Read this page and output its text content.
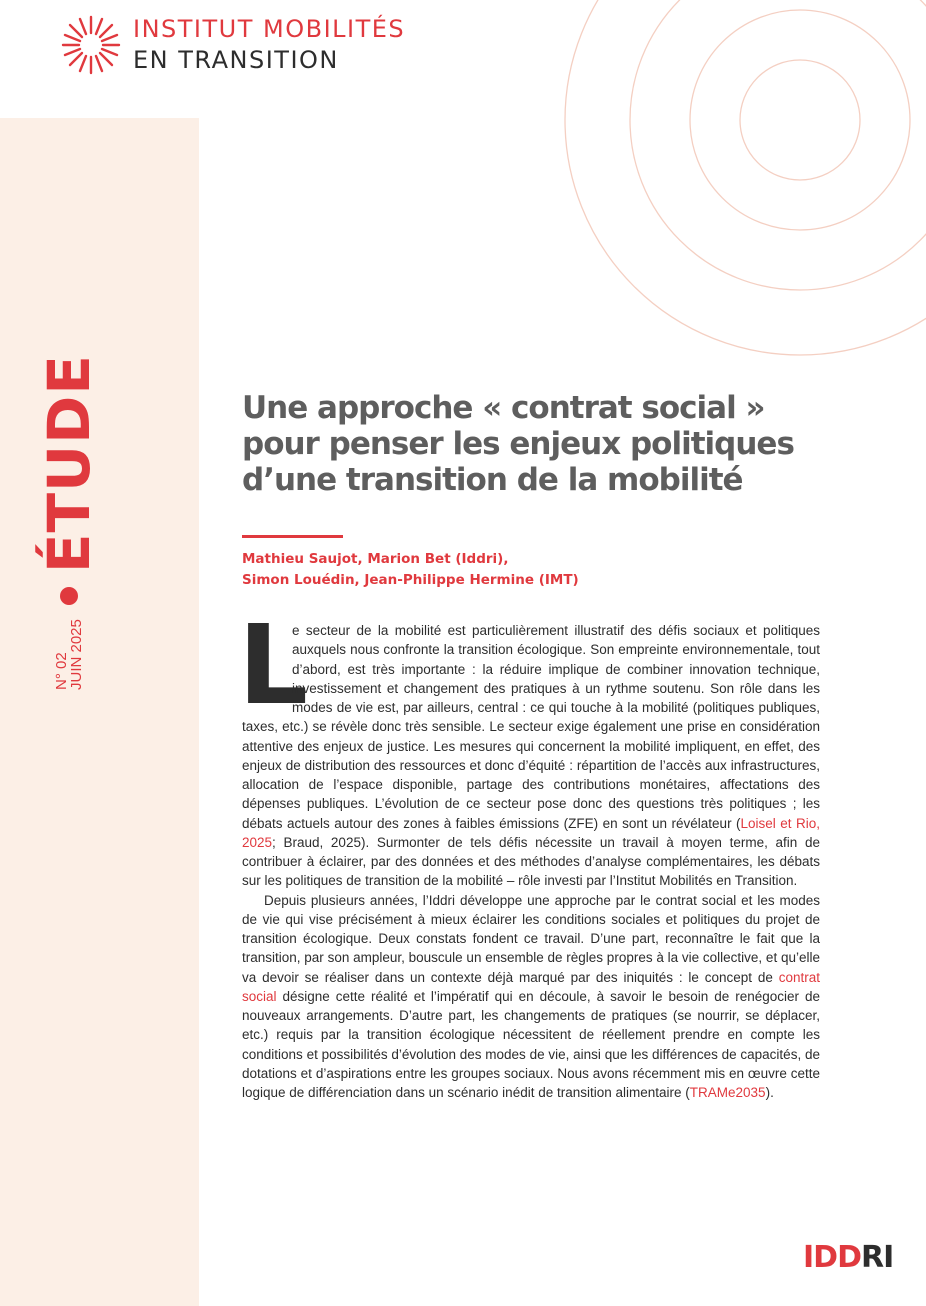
INSTITUT MOBILITÉS
EN TRANSITION
N° 02
JUIN 2025
ÉTUDE	Une approche « contrat social »
pour penser les enjeux politiques
d’une transition de la mobilité
Mathieu Saujot, Marion Bet (Iddri),
Simon Louédin, Jean-Philippe Hermine (IMT)

L
e secteur de la mobilité est particulièrement illustratif des défis sociaux et politiques auxquels nous confronte la transition écologique. Son empreinte environnementale, tout d’abord, est très importante : la réduire implique de combiner innovation technique, investissement et changement des pratiques à un rythme soutenu. Son rôle dans les modes de vie est, par ailleurs, central : ce qui touche à la mobilité (politiques publiques, taxes, etc.) se révèle donc très sensible. Le secteur exige également une prise en considération attentive des enjeux de justice. Les mesures qui concernent la mobilité impliquent, en effet, des enjeux de distribution des ressources et donc d’équité : répartition de l’accès aux infrastructures, allocation de l’espace disponible, partage des contributions monétaires, affectations des dépenses publiques. L’évolution de ce secteur pose donc des questions très politiques ; les débats actuels autour des zones à faibles émissions (ZFE) en sont un révélateur (Loisel et Rio, 2025; Braud, 2025). Surmonter de tels défis nécessite un travail à moyen terme, afin de contribuer à éclairer, par des données et des méthodes d’analyse complémentaires, les débats sur les politiques de transition de la mobilité – rôle investi par l’Institut Mobilités en Transition.

Depuis plusieurs années, l’Iddri développe une approche par le contrat social et les modes de vie qui vise précisément à mieux éclairer les conditions sociales et politiques du projet de transition écologique. Deux constats fondent ce travail. D’une part, reconnaître le fait que la transition, par son ampleur, bouscule un ensemble de règles propres à la vie collective, et qu’elle va devoir se réaliser dans un contexte déjà marqué par des iniquités : le concept de contrat social désigne cette réalité et l’impératif qui en découle, à savoir le besoin de renégocier de nouveaux arrangements. D’autre part, les changements de pratiques (se nourrir, se déplacer, etc.) requis par la transition écologique nécessitent de réellement prendre en compte les conditions et possibilités d’évolution des modes de vie, ainsi que les différences de capacités, de dotations et d’aspirations entre les groupes sociaux. Nous avons récemment mis en œuvre cette logique de différenciation dans un scénario inédit de transition alimentaire (TRAMe2035).

IDDRI
